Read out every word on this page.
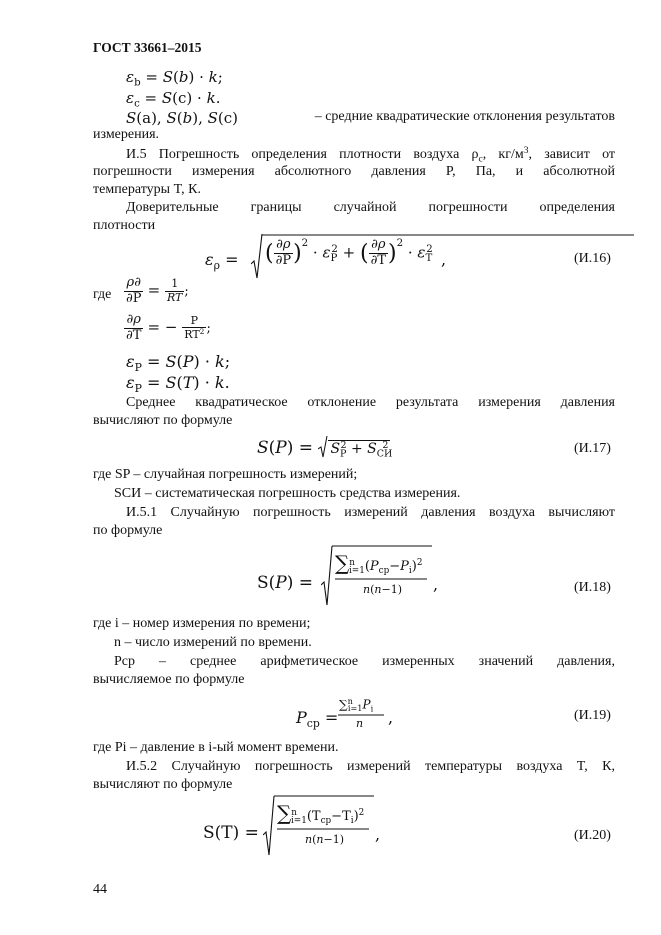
ГОСТ 33661–2015
$\varepsilon_b = S(b) \cdot k$;
$\varepsilon_c = S(c) \cdot k$.
S(a), S(b), S(c)	– средние квадратические отклонения результатов
измерения.
И.5 Погрешность определения плотности воздуха $\rho_с$, $кг/м^3$, зависит от
погрешности измерения абсолютного давления P, Па, и абсолютной
температуры T, К.
Доверительные границы случайной погрешности определения
плотности
$\varepsilon_\rho$ = ( $\frac{\partial\rho}{\partial P} )^2 \cdot \varepsilon_P^2$ + ( $\frac{\partial\rho}{\partial T} )^2 \cdot \varepsilon_T^2$
,	(И.16)
где $\frac{\rho\partial}{\partial P} = \frac{1}{RT}$ ;
$\frac{\partial\rho}{\partial T}$ = − $\frac{P}{RT^2}$ ;
$\varepsilon_P = S(P) \cdot k$;
$\varepsilon_P = S(T) \cdot k$.
Среднее квадратическое отклонение результата измерения давления
вычисляют по формуле
$S(P) = S_P^2 + S_{СИ}^2$	(И.17)
где SP – случайная погрешность измерений;
SСИ – систематическая погрешность средства измерения.
И.5.1 Случайную погрешность измерений давления воздуха вычисляют
по формуле
S(P) =
$\sum^n_{i=1}(P_{ср}-P_i)^2$
n(n−1) ,	(И.18)
где i – номер измерения по времени;
n – число измерений по времени.
Pср – среднее арифметическое измеренных значений давления,
вычисляемое по формуле
$P_{ср}$ =
$\sum^n_{i=1}P_i$
n ,	(И.19)
где Pi – давление в i-ый момент времени.
И.5.2 Случайную погрешность измерений температуры воздуха T, К,
вычисляют по формуле
S(T) =
$\sum^n_{i=1}(T_{ср}-T_i)^2$
n(n−1) ,	(И.20)
44
